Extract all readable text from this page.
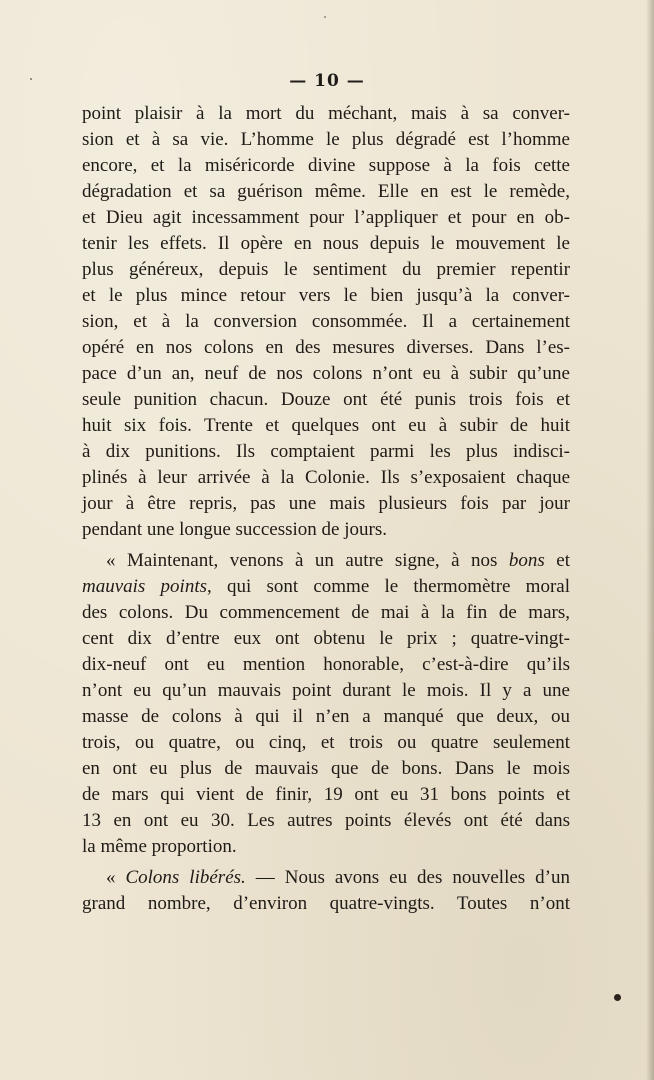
— 10 —
point plaisir à la mort du méchant, mais à sa conver-
sion et à sa vie. L’homme le plus dégradé est l’homme
encore, et la miséricorde divine suppose à la fois cette
dégradation et sa guérison même. Elle en est le remède,
et Dieu agit incessamment pour l’appliquer et pour en ob-
tenir les effets. Il opère en nous depuis le mouvement le
plus généreux, depuis le sentiment du premier repentir
et le plus mince retour vers le bien jusqu’à la conver-
sion, et à la conversion consommée. Il a certainement
opéré en nos colons en des mesures diverses. Dans l’es-
pace d’un an, neuf de nos colons n’ont eu à subir qu’une
seule punition chacun. Douze ont été punis trois fois et
huit six fois. Trente et quelques ont eu à subir de huit
à dix punitions. Ils comptaient parmi les plus indisci-
plinés à leur arrivée à la Colonie. Ils s’exposaient chaque
jour à être repris, pas une mais plusieurs fois par jour
pendant une longue succession de jours.
« Maintenant, venons à un autre signe, à nos bons et
mauvais points, qui sont comme le thermomètre moral
des colons. Du commencement de mai à la fin de mars,
cent dix d’entre eux ont obtenu le prix ; quatre-vingt-
dix-neuf ont eu mention honorable, c’est-à-dire qu’ils
n’ont eu qu’un mauvais point durant le mois. Il y a une
masse de colons à qui il n’en a manqué que deux, ou
trois, ou quatre, ou cinq, et trois ou quatre seulement
en ont eu plus de mauvais que de bons. Dans le mois
de mars qui vient de finir, 19 ont eu 31 bons points et
13 en ont eu 30. Les autres points élevés ont été dans
la même proportion.
« Colons libérés. — Nous avons eu des nouvelles d’un
grand nombre, d’environ quatre-vingts. Toutes n’ont
